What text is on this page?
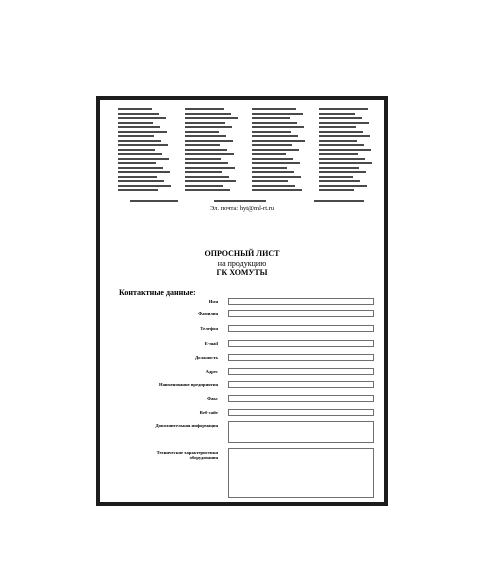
Эл. почта: hyt@ml-rt.ru
ОПРОСНЫЙ ЛИСТ
на продукцию
ГК ХОМУТЫ
Контактные данные:
Имя
Фамилия
Телефон
E-mail
Должность
Адрес
Наименование предприятия
Факс
Веб-сайт
Дополнительная информация
Технические характеристики
оборудования
